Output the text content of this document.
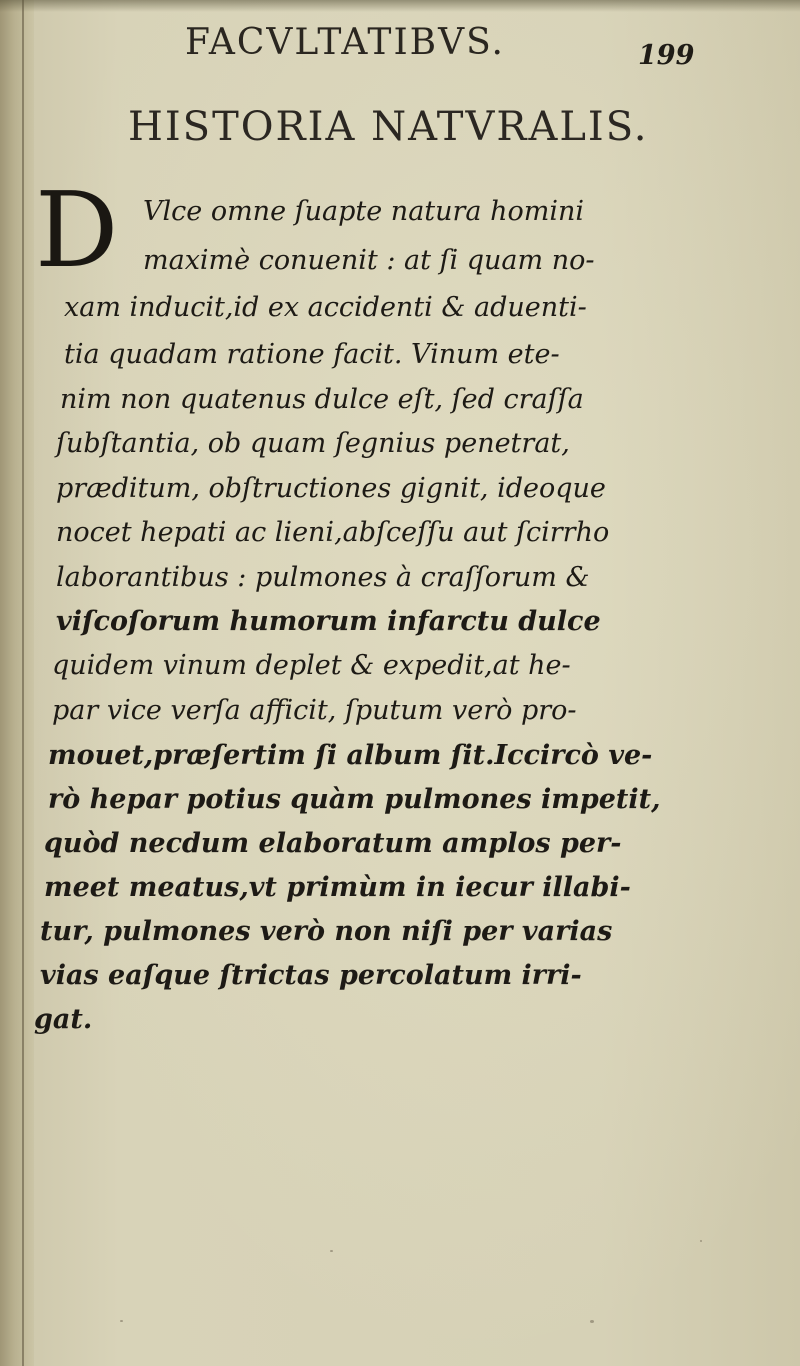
FACVLTATIBVS.	199
HISTORIA NATVRALIS.
D Vlce omne ſuapte natura homini
maximè conuenit : at ſi quam no-
xam inducit,id ex accidenti & aduenti-
tia quadam ratione facit. Vinum ete-
nim non quatenus dulce eſt, ſed craſſa
ſubſtantia, ob quam ſegnius penetrat,
præditum, obſtructiones gignit, ideoque
nocet hepati ac lieni,abſceſſu aut ſcirrho
laborantibus : pulmones à craſſorum &
viſcoſorum humorum infarctu dulce
quidem vinum deplet & expedit,at he-
par vice verſa afficit, ſputum verò pro-
mouet,præſertim ſi album ſit.Iccircò ve-
rò hepar potius quàm pulmones impetit,
quòd necdum elaboratum amplos per-
meet meatus,vt primùm in iecur illabi-
tur, pulmones verò non niſi per varias
vias eaſque ſtrictas percolatum irri-
gat.
